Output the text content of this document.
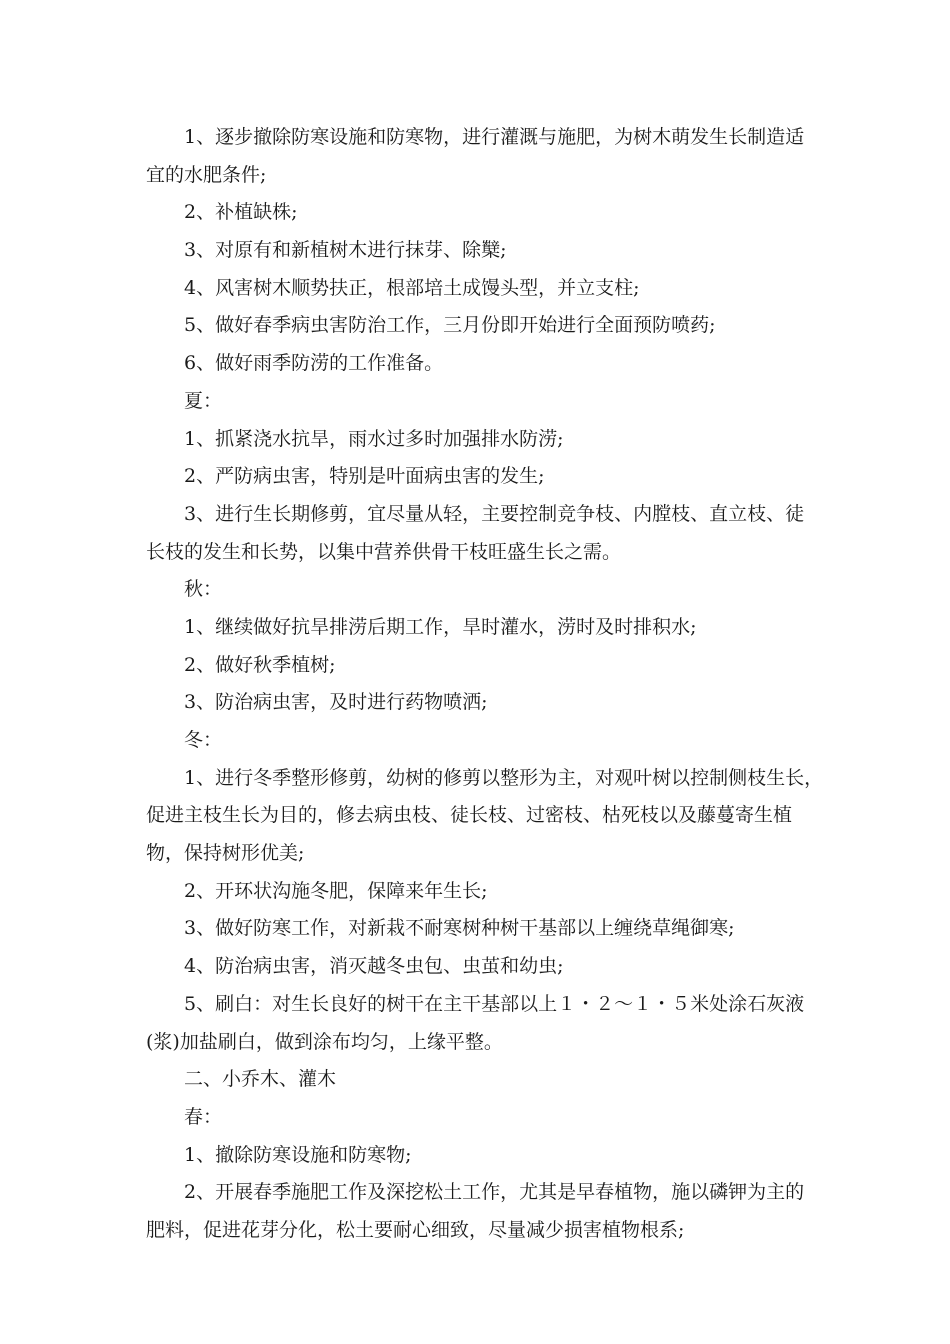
1、逐步撤除防寒设施和防寒物，进行灌溉与施肥，为树木萌发生长制造适

宜的水肥条件;

2、补植缺株;

3、对原有和新植树木进行抹芽、除櫱;

4、风害树木顺势扶正，根部培土成馒头型，并立支柱;

5、做好春季病虫害防治工作，三月份即开始进行全面预防喷药;

6、做好雨季防涝的工作准备。

夏：

1、抓紧浇水抗旱，雨水过多时加强排水防涝;

2、严防病虫害，特别是叶面病虫害的发生;

3、进行生长期修剪，宜尽量从轻，主要控制竞争枝、内膛枝、直立枝、徒

长枝的发生和长势，以集中营养供骨干枝旺盛生长之需。

秋：

1、继续做好抗旱排涝后期工作，旱时灌水，涝时及时排积水;

2、做好秋季植树;

3、防治病虫害，及时进行药物喷洒;

冬：

1、进行冬季整形修剪，幼树的修剪以整形为主，对观叶树以控制侧枝生长，

促进主枝生长为目的，修去病虫枝、徒长枝、过密枝、枯死枝以及藤蔓寄生植

物，保持树形优美;

2、开环状沟施冬肥，保障来年生长;

3、做好防寒工作，对新栽不耐寒树种树干基部以上缠绕草绳御寒;

4、防治病虫害，消灭越冬虫包、虫茧和幼虫;

5、刷白：对生长良好的树干在主干基部以上１・２～１・５米处涂石灰液

(浆)加盐刷白，做到涂布均匀，上缘平整。

二、小乔木、灌木

春：

1、撤除防寒设施和防寒物;

2、开展春季施肥工作及深挖松土工作，尤其是早春植物，施以磷钾为主的

肥料，促进花芽分化，松土要耐心细致，尽量减少损害植物根系;
